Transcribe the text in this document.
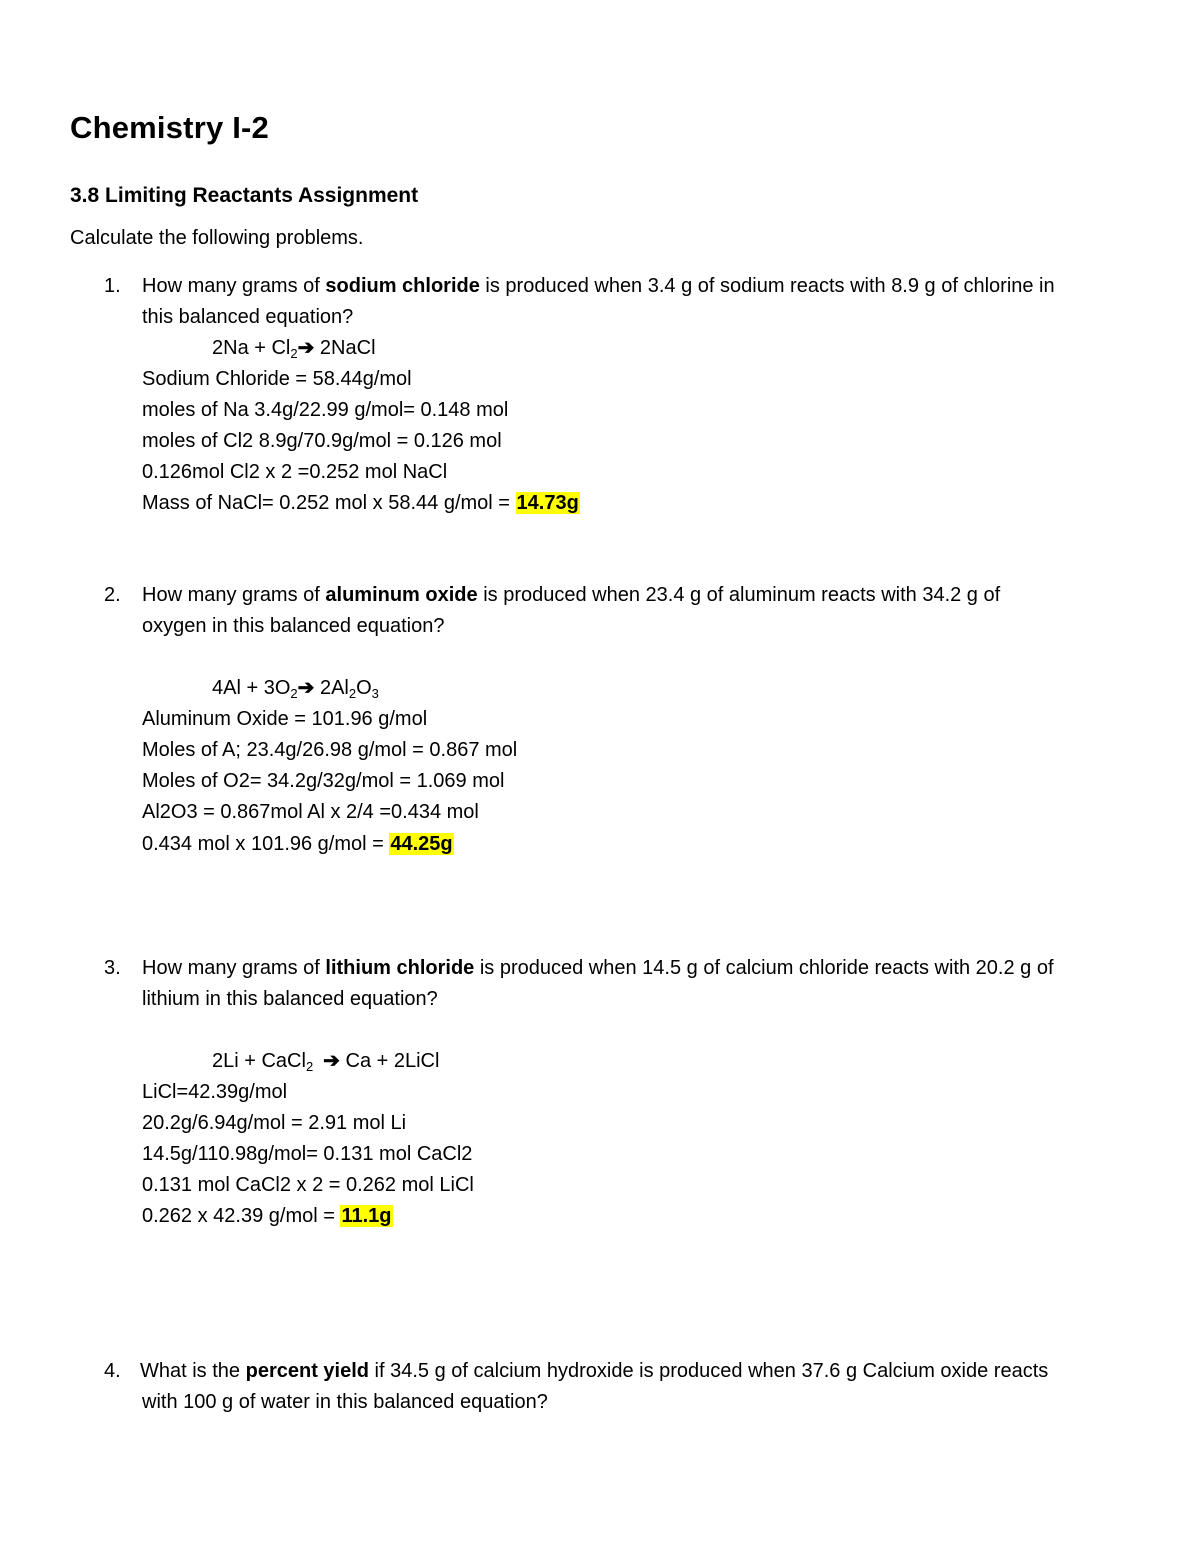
Chemistry I-2
3.8 Limiting Reactants Assignment
Calculate the following problems.
1. How many grams of sodium chloride is produced when 3.4 g of sodium reacts with 8.9 g of chlorine in
this balanced equation?
$2Na + Cl_2➔$ 2NaCl
Sodium Chloride = 58.44g/mol
moles of Na 3.4g/22.99 g/mol= 0.148 mol
moles of Cl2 8.9g/70.9g/mol = 0.126 mol
0.126mol Cl2 x 2 =0.252 mol NaCl
Mass of NaCl= 0.252 mol x 58.44 g/mol = 14.73g
2. How many grams of aluminum oxide is produced when 23.4 g of aluminum reacts with 34.2 g of
oxygen in this balanced equation?
$4Al + 3O_2➔$ $2Al_2O_3$
Aluminum Oxide = 101.96 g/mol
Moles of A; 23.4g/26.98 g/mol = 0.867 mol
Moles of O2= 34.2g/32g/mol = 1.069 mol
Al2O3 = 0.867mol Al x 2/4 =0.434 mol
0.434 mol x 101.96 g/mol = 44.25g
3. How many grams of lithium chloride is produced when 14.5 g of calcium chloride reacts with 20.2 g of
lithium in this balanced equation?
2Li + CaCl$_2$ ➔ Ca + 2LiCl
LiCl=42.39g/mol
20.2g/6.94g/mol = 2.91 mol Li
14.5g/110.98g/mol= 0.131 mol CaCl2
0.131 mol CaCl2 x 2 = 0.262 mol LiCl
0.262 x 42.39 g/mol = 11.1g
4. What is the percent yield if 34.5 g of calcium hydroxide is produced when 37.6 g Calcium oxide reacts
with 100 g of water in this balanced equation?
